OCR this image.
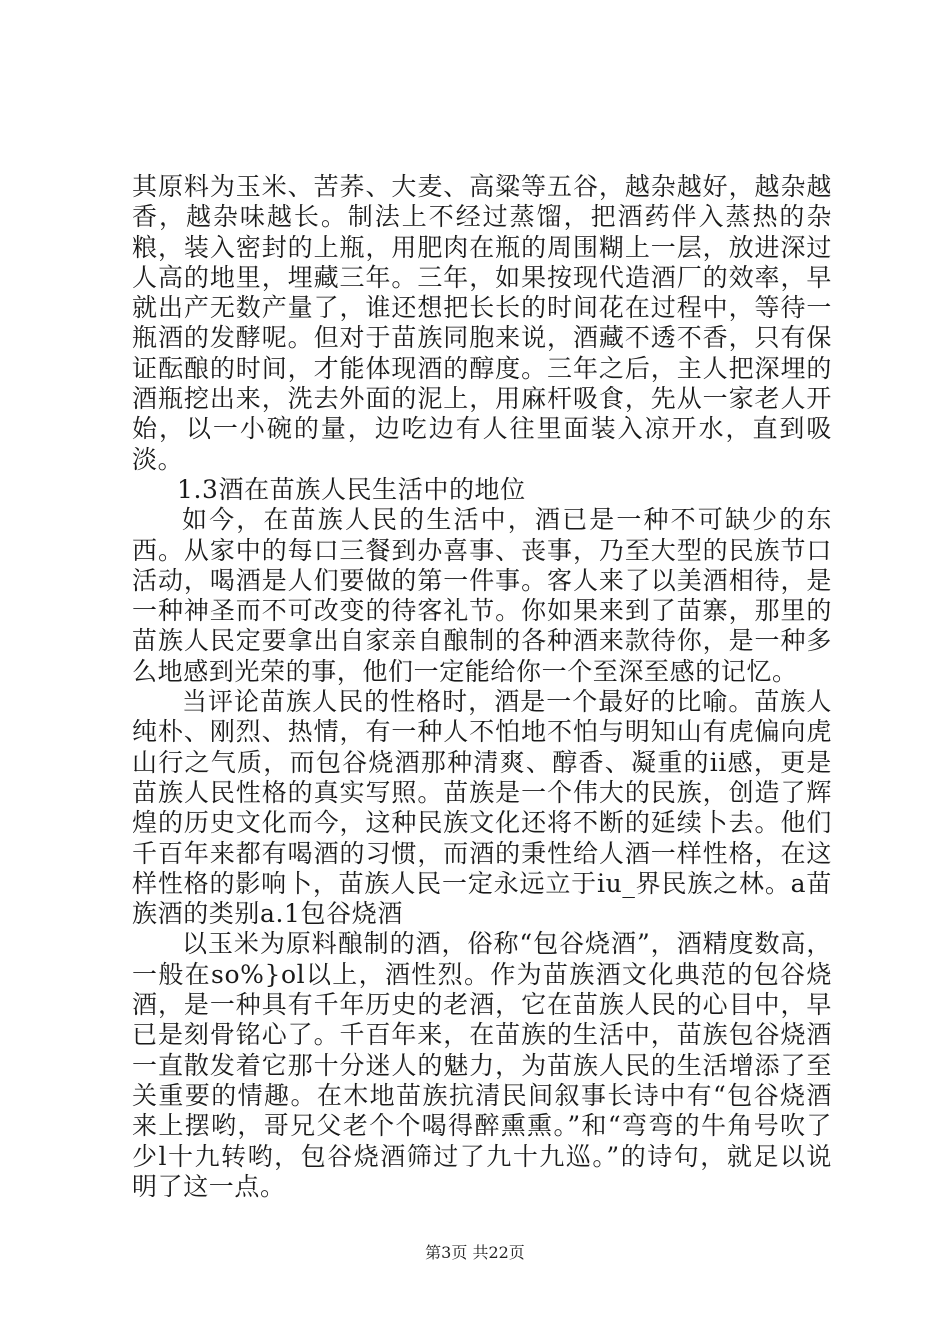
其原料为玉米、苦荞、大麦、高粱等五谷，越杂越好，越杂越香，越杂味越长。制法上不经过蒸馏，把酒药伴入蒸热的杂粮，装入密封的上瓶，用肥肉在瓶的周围糊上一层，放进深过人高的地里，埋藏三年。三年，如果按现代造酒厂的效率，早就出产无数产量了，谁还想把长长的时间花在过程中，等待一瓶酒的发酵呢。但对于苗族同胞来说，酒藏不透不香，只有保证酝酿的时间，才能体现酒的醇度。三年之后，主人把深埋的酒瓶挖出来，洗去外面的泥上，用麻杆吸食，先从一家老人开始，以一小碗的量，边吃边有人往里面装入凉开水，直到吸淡。

1.3酒在苗族人民生活中的地位

如今，在苗族人民的生活中，酒已是一种不可缺少的东西。从家中的每口三餐到办喜事、丧事，乃至大型的民族节口活动，喝酒是人们要做的第一件事。客人来了以美酒相待，是一种神圣而不可改变的待客礼节。你如果来到了苗寨，那里的苗族人民定要拿出自家亲自酿制的各种酒来款待你，是一种多么地感到光荣的事，他们一定能给你一个至深至感的记忆。

当评论苗族人民的性格时，酒是一个最好的比喻。苗族人纯朴、刚烈、热情，有一种人不怕地不怕与明知山有虎偏向虎山行之气质，而包谷烧酒那种清爽、醇香、凝重的ii感，更是苗族人民性格的真实写照。苗族是一个伟大的民族，创造了辉煌的历史文化而今，这种民族文化还将不断的延续卜去。他们千百年来都有喝酒的习惯，而酒的秉性给人酒一样性格，在这样性格的影响卜，苗族人民一定永远立于iu_界民族之林。a苗族酒的类别a.1包谷烧酒

以玉米为原料酿制的酒，俗称“包谷烧酒”，酒精度数高，一般在so%}ol以上，酒性烈。作为苗族酒文化典范的包谷烧酒，是一种具有千年历史的老酒，它在苗族人民的心目中，早已是刻骨铭心了。千百年来，在苗族的生活中，苗族包谷烧酒一直散发着它那十分迷人的魅力，为苗族人民的生活增添了至关重要的情趣。在木地苗族抗清民间叙事长诗中有“包谷烧酒来上摆哟，哥兄父老个个喝得醉熏熏。”和“弯弯的牛角号吹了少l十九转哟，包谷烧酒筛过了九十九巡。”的诗句，就足以说明了这一点。

第3页 共22页
